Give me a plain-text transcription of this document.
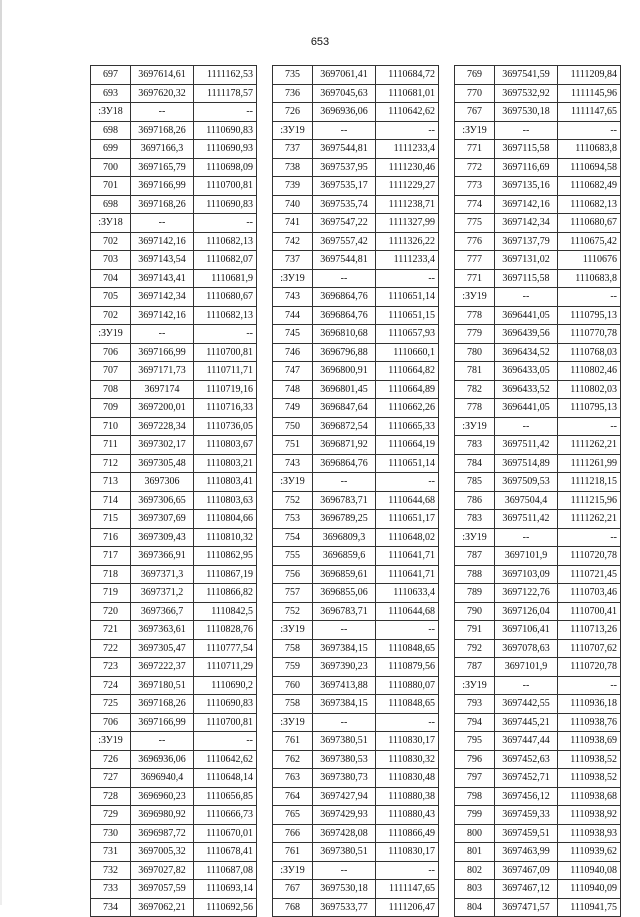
653
697	3697614,61	1111162,53
693	3697620,32	1111178,57
:ЗУ18	--	--
698	3697168,26	1110690,83
699	3697166,3	1110690,93
700	3697165,79	1110698,09
701	3697166,99	1110700,81
698	3697168,26	1110690,83
:ЗУ18	--	--
702	3697142,16	1110682,13
703	3697143,54	1110682,07
704	3697143,41	1110681,9
705	3697142,34	1110680,67
702	3697142,16	1110682,13
:ЗУ19	--	--
706	3697166,99	1110700,81
707	3697171,73	1110711,71
708	3697174	1110719,16
709	3697200,01	1110716,33
710	3697228,34	1110736,05
711	3697302,17	1110803,67
712	3697305,48	1110803,21
713	3697306	1110803,41
714	3697306,65	1110803,63
715	3697307,69	1110804,66
716	3697309,43	1110810,32
717	3697366,91	1110862,95
718	3697371,3	1110867,19
719	3697371,2	1110866,82
720	3697366,7	1110842,5
721	3697363,61	1110828,76
722	3697305,47	1110777,54
723	3697222,37	1110711,29
724	3697180,51	1110690,2
725	3697168,26	1110690,83
706	3697166,99	1110700,81
:ЗУ19	--	--
726	3696936,06	1110642,62
727	3696940,4	1110648,14
728	3696960,23	1110656,85
729	3696980,92	1110666,73
730	3696987,72	1110670,01
731	3697005,32	1110678,41
732	3697027,82	1110687,08
733	3697057,59	1110693,14
734	3697062,21	1110692,56
735	3697061,41	1110684,72
736	3697045,63	1110681,01
726	3696936,06	1110642,62
:ЗУ19	--	--
737	3697544,81	1111233,4
738	3697537,95	1111230,46
739	3697535,17	1111229,27
740	3697535,74	1111238,71
741	3697547,22	1111327,99
742	3697557,42	1111326,22
737	3697544,81	1111233,4
:ЗУ19	--	--
743	3696864,76	1110651,14
744	3696864,76	1110651,15
745	3696810,68	1110657,93
746	3696796,88	1110660,1
747	3696800,91	1110664,82
748	3696801,45	1110664,89
749	3696847,64	1110662,26
750	3696872,54	1110665,33
751	3696871,92	1110664,19
743	3696864,76	1110651,14
:ЗУ19	--	--
752	3696783,71	1110644,68
753	3696789,25	1110651,17
754	3696809,3	1110648,02
755	3696859,6	1110641,71
756	3696859,61	1110641,71
757	3696855,06	1110633,4
752	3696783,71	1110644,68
:ЗУ19	--	--
758	3697384,15	1110848,65
759	3697390,23	1110879,56
760	3697413,88	1110880,07
758	3697384,15	1110848,65
:ЗУ19	--	--
761	3697380,51	1110830,17
762	3697380,53	1110830,32
763	3697380,73	1110830,48
764	3697427,94	1110880,38
765	3697429,93	1110880,43
766	3697428,08	1110866,49
761	3697380,51	1110830,17
:ЗУ19	--	--
767	3697530,18	1111147,65
768	3697533,77	1111206,47
769	3697541,59	1111209,84
770	3697532,92	1111145,96
767	3697530,18	1111147,65
:ЗУ19	--	--
771	3697115,58	1110683,8
772	3697116,69	1110694,58
773	3697135,16	1110682,49
774	3697142,16	1110682,13
775	3697142,34	1110680,67
776	3697137,79	1110675,42
777	3697131,02	1110676
771	3697115,58	1110683,8
:ЗУ19	--	--
778	3696441,05	1110795,13
779	3696439,56	1110770,78
780	3696434,52	1110768,03
781	3696433,05	1110802,46
782	3696433,52	1110802,03
778	3696441,05	1110795,13
:ЗУ19	--	--
783	3697511,42	1111262,21
784	3697514,89	1111261,99
785	3697509,53	1111218,15
786	3697504,4	1111215,96
783	3697511,42	1111262,21
:ЗУ19	--	--
787	3697101,9	1110720,78
788	3697103,09	1110721,45
789	3697122,76	1110703,46
790	3697126,04	1110700,41
791	3697106,41	1110713,26
792	3697078,63	1110707,62
787	3697101,9	1110720,78
:ЗУ19	--	--
793	3697442,55	1110936,18
794	3697445,21	1110938,76
795	3697447,44	1110938,69
796	3697452,63	1110938,52
797	3697452,71	1110938,52
798	3697456,12	1110938,68
799	3697459,33	1110938,92
800	3697459,51	1110938,93
801	3697463,99	1110939,62
802	3697467,09	1110940,08
803	3697467,12	1110940,09
804	3697471,57	1110941,75
